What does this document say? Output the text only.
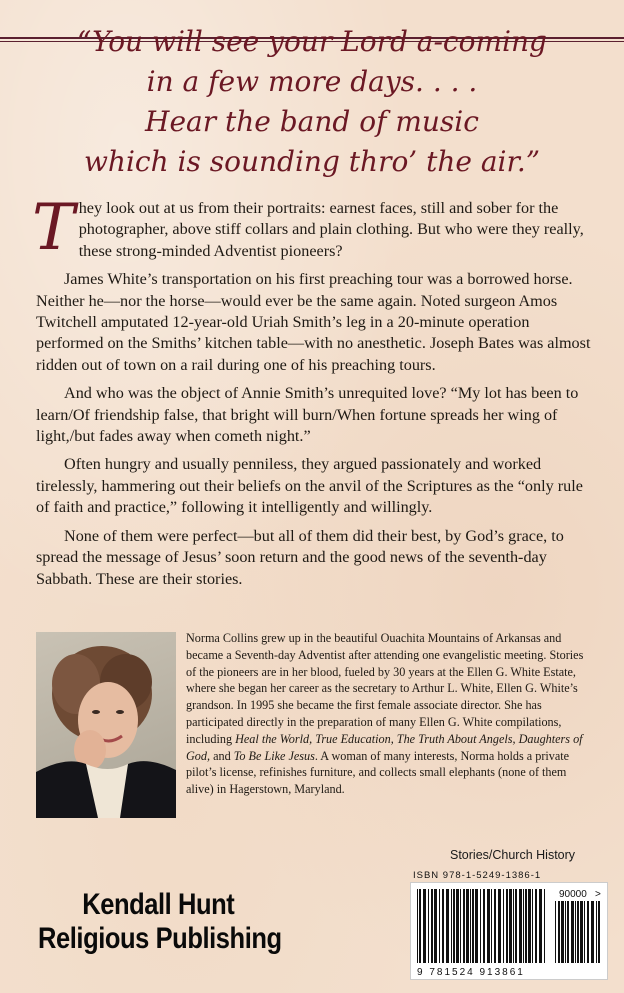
“You will see your Lord a-coming
in a few more days. . . .
Hear the band of music
which is sounding thro’ the air.”

They look out at us from their portraits: earnest faces, still and sober for the photographer, above stiff collars and plain clothing. But who were they really, these strong-minded Adventist pioneers?

James White’s transportation on his first preaching tour was a borrowed horse. Neither he—nor the horse—would ever be the same again. Noted surgeon Amos Twitchell amputated 12-year-old Uriah Smith’s leg in a 20-minute operation performed on the Smiths’ kitchen table—with no anesthetic. Joseph Bates was almost ridden out of town on a rail during one of his preaching tours.

And who was the object of Annie Smith’s unrequited love? “My lot has been to learn/Of friendship false, that bright will burn/When fortune spreads her wing of light,/but fades away when cometh night.”

Often hungry and usually penniless, they argued passionately and worked tirelessly, hammering out their beliefs on the anvil of the Scriptures as the “only rule of faith and practice,” following it intelligently and willingly.

None of them were perfect—but all of them did their best, by God’s grace, to spread the message of Jesus’ soon return and the good news of the seventh-day Sabbath. These are their stories.

Norma Collins grew up in the beautiful Ouachita Mountains of Arkansas and became a Seventh-day Adventist after attending one evangelistic meeting. Stories of the pioneers are in her blood, fueled by 30 years at the Ellen G. White Estate, where she began her career as the secretary to Arthur L. White, Ellen G. White’s grandson. In 1995 she became the first female associate director. She has participated directly in the preparation of many Ellen G. White compilations, including Heal the World, True Education, The Truth About Angels, Daughters of God, and To Be Like Jesus. A woman of many interests, Norma holds a private pilot’s license, refinishes furniture, and collects small elephants (none of them alive) in Hagerstown, Maryland.
Stories/Church History
ISBN 978-1-5249-1386-1
90000 >
9 781524 913861
Kendall Hunt
Religious Publishing
